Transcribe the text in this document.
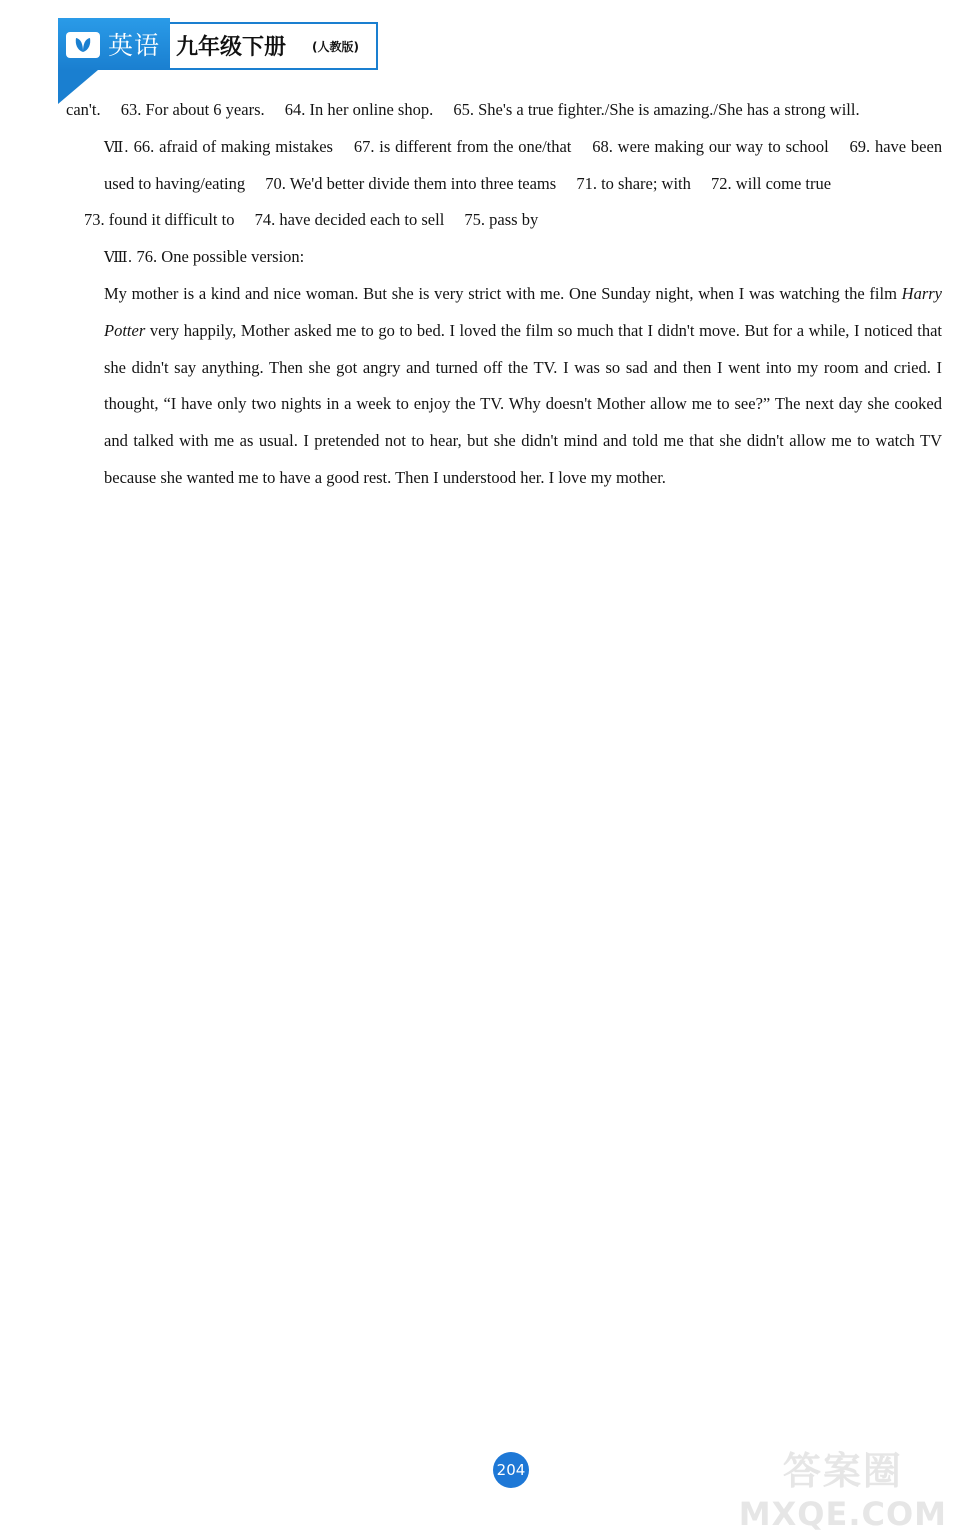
英语 九年级下册 (人教版)

can't. 63. For about 6 years. 64. In her online shop. 65. She's a true fighter./She is amazing./She has a strong will.

Ⅶ. 66. afraid of making mistakes 67. is different from the one/that 68. were making our way to school 69. have been used to having/eating 70. We'd better divide them into three teams 71. to share; with 72. will come true

73. found it difficult to 74. have decided each to sell 75. pass by

Ⅷ. 76. One possible version:

My mother is a kind and nice woman. But she is very strict with me. One Sunday night, when I was watching the film Harry Potter very happily, Mother asked me to go to bed. I loved the film so much that I didn't move. But for a while, I noticed that she didn't say anything. Then she got angry and turned off the TV. I was so sad and then I went into my room and cried. I thought, “I have only two nights in a week to enjoy the TV. Why doesn't Mother allow me to see?” The next day she cooked and talked with me as usual. I pretended not to hear, but she didn't mind and told me that she didn't allow me to watch TV because she wanted me to have a good rest. Then I understood her. I love my mother.

204	答案圈
MXQE.COM
